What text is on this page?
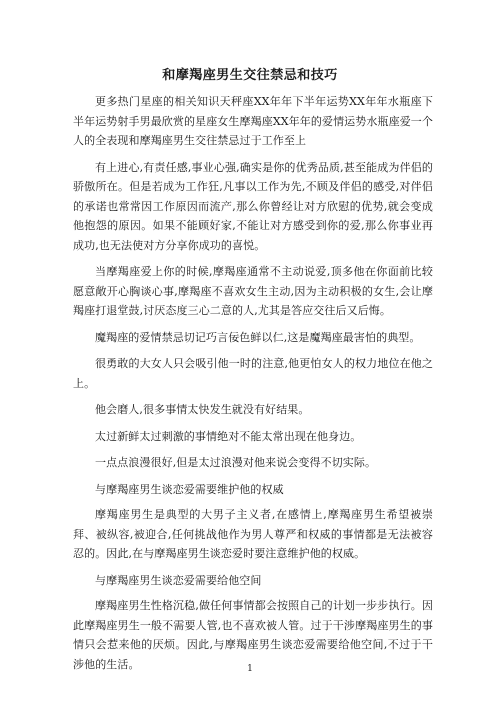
和摩羯座男生交往禁忌和技巧

更多热门星座的相关知识天秤座XX年年下半年运势XX年年水瓶座下半年运势射手男最欣赏的星座女生摩羯座XX年年的爱情运势水瓶座爱一个人的全表现和摩羯座男生交往禁忌过于工作至上

有上进心,有责任感,事业心强,确实是你的优秀品质,甚至能成为伴侣的骄傲所在。但是若成为工作狂,凡事以工作为先,不顾及伴侣的感受,对伴侣的承诺也常常因工作原因而流产,那么你曾经让对方欣慰的优势,就会变成他抱怨的原因。如果不能顾好家,不能让对方感受到你的爱,那么你事业再成功,也无法使对方分享你成功的喜悦。

当摩羯座爱上你的时候,摩羯座通常不主动说爱,顶多他在你面前比较愿意敞开心胸谈心事,摩羯座不喜欢女生主动,因为主动积极的女生,会让摩羯座打退堂鼓,讨厌态度三心二意的人,尤其是答应交往后又后悔。

魔羯座的爱情禁忌切记巧言佞色鲜以仁,这是魔羯座最害怕的典型。

很勇敢的大女人只会吸引他一时的注意,他更怕女人的权力地位在他之上。

他会磨人,很多事情太快发生就没有好结果。

太过新鲜太过刺激的事情绝对不能太常出现在他身边。

一点点浪漫很好,但是太过浪漫对他来说会变得不切实际。

与摩羯座男生谈恋爱需要维护他的权威

摩羯座男生是典型的大男子主义者,在感情上,摩羯座男生希望被崇拜、被纵容,被迎合,任何挑战他作为男人尊严和权威的事情都是无法被容忍的。因此,在与摩羯座男生谈恋爱时要注意维护他的权威。

与摩羯座男生谈恋爱需要给他空间

摩羯座男生性格沉稳,做任何事情都会按照自己的计划一步步执行。因此摩羯座男生一般不需要人管,也不喜欢被人管。过于干涉摩羯座男生的事情只会惹来他的厌烦。因此,与摩羯座男生谈恋爱需要给他空间,不过于干涉他的生活。	1
